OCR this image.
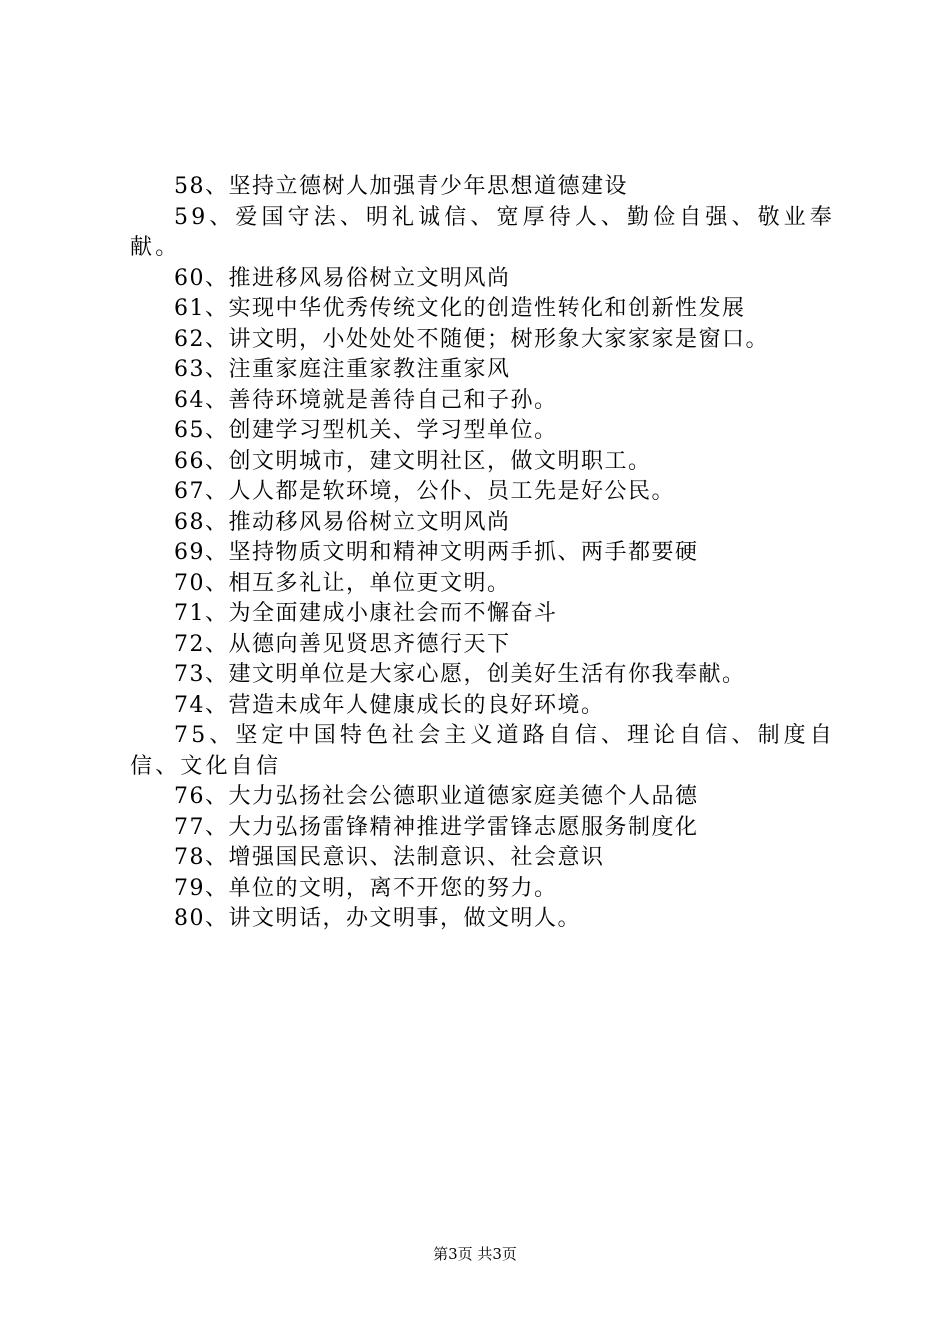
58、坚持立德树人加强青少年思想道德建设

59、爱国守法、明礼诚信、宽厚待人、勤俭自强、敬业奉献。

60、推进移风易俗树立文明风尚

61、实现中华优秀传统文化的创造性转化和创新性发展

62、讲文明，小处处处不随便；树形象大家家家是窗口。

63、注重家庭注重家教注重家风

64、善待环境就是善待自己和子孙。

65、创建学习型机关、学习型单位。

66、创文明城市，建文明社区，做文明职工。

67、人人都是软环境，公仆、员工先是好公民。

68、推动移风易俗树立文明风尚

69、坚持物质文明和精神文明两手抓、两手都要硬

70、相互多礼让，单位更文明。

71、为全面建成小康社会而不懈奋斗

72、从德向善见贤思齐德行天下

73、建文明单位是大家心愿，创美好生活有你我奉献。

74、营造未成年人健康成长的良好环境。

75、坚定中国特色社会主义道路自信、理论自信、制度自信、文化自信

76、大力弘扬社会公德职业道德家庭美德个人品德

77、大力弘扬雷锋精神推进学雷锋志愿服务制度化

78、增强国民意识、法制意识、社会意识

79、单位的文明，离不开您的努力。

80、讲文明话，办文明事，做文明人。

第3页 共3页
